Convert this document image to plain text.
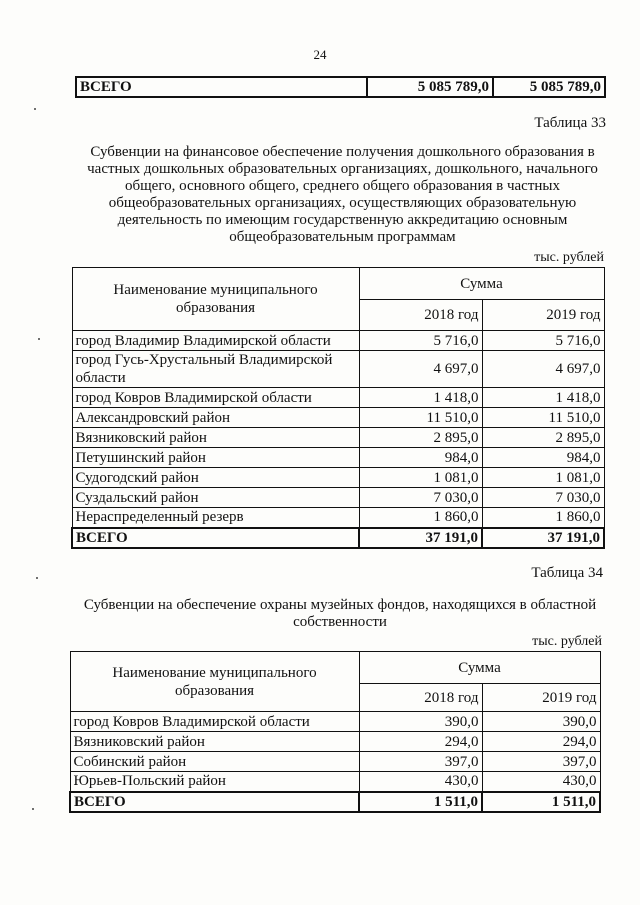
24
ВСЕГО	5 085 789,0	5 085 789,0
Таблица 33
Субвенции на финансовое обеспечение получения дошкольного образования в частных дошкольных образовательных организациях, дошкольного, начального общего, основного общего, среднего общего образования в частных общеобразовательных организациях, осуществляющих образовательную деятельность по имеющим государственную аккредитацию основным общеобразовательным программам
тыс. рублей
Наименование муниципального образования	Сумма	
	2018 год	2019 год
город Владимир Владимирской области	5 716,0	5 716,0
город Гусь-Хрустальный Владимирской области	4 697,0	4 697,0
город Ковров Владимирской области	1 418,0	1 418,0
Александровский район	11 510,0	11 510,0
Вязниковский район	2 895,0	2 895,0
Петушинский район	984,0	984,0
Судогодский район	1 081,0	1 081,0
Суздальский район	7 030,0	7 030,0
Нераспределенный резерв	1 860,0	1 860,0
ВСЕГО	37 191,0	37 191,0
Таблица 34
Субвенции на обеспечение охраны музейных фондов, находящихся в областной собственности
тыс. рублей
Наименование муниципального образования	Сумма	
	2018 год	2019 год
город Ковров Владимирской области	390,0	390,0
Вязниковский район	294,0	294,0
Собинский район	397,0	397,0
Юрьев-Польский район	430,0	430,0
ВСЕГО	1 511,0	1 511,0
